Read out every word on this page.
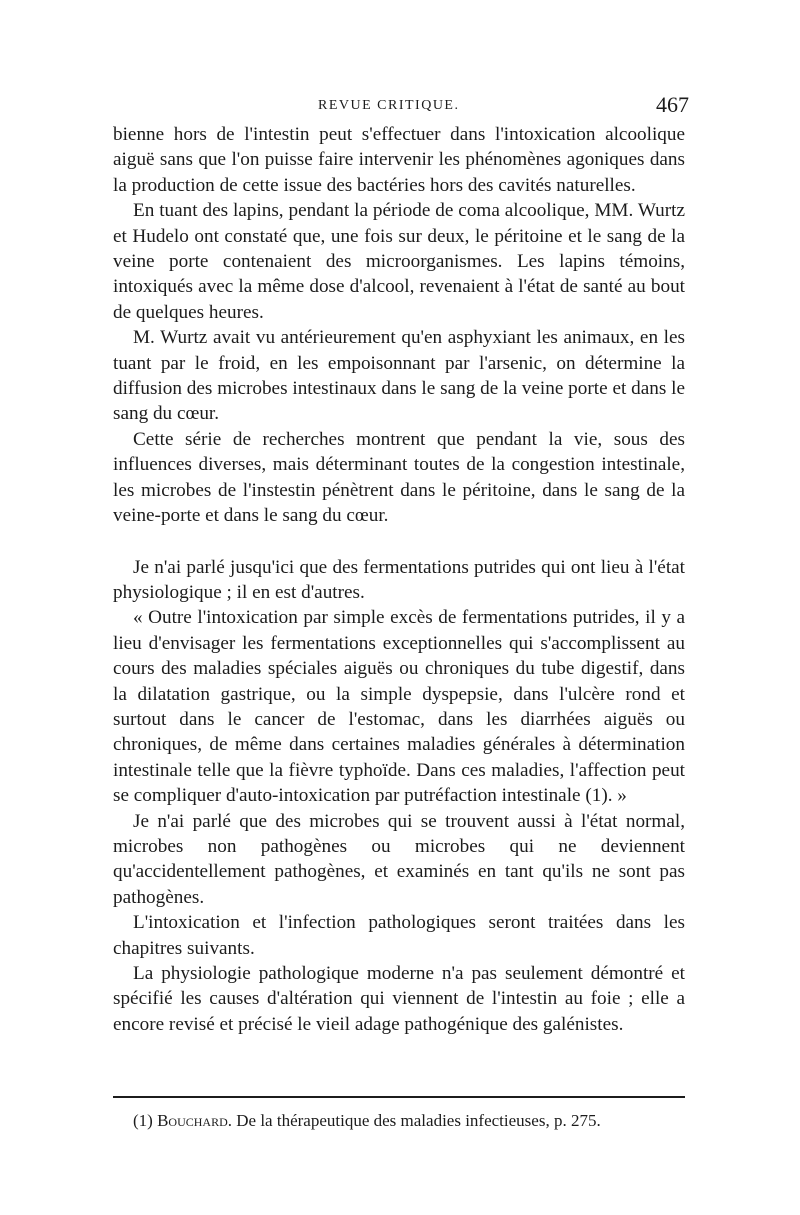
REVUE CRITIQUE.	467

bienne hors de l'intestin peut s'effectuer dans l'intoxication alcoolique aiguë sans que l'on puisse faire intervenir les phénomènes agoniques dans la production de cette issue des bactéries hors des cavités naturelles.

En tuant des lapins, pendant la période de coma alcoolique, MM. Wurtz et Hudelo ont constaté que, une fois sur deux, le péritoine et le sang de la veine porte contenaient des microorganismes. Les lapins témoins, intoxiqués avec la même dose d'alcool, revenaient à l'état de santé au bout de quelques heures.

M. Wurtz avait vu antérieurement qu'en asphyxiant les animaux, en les tuant par le froid, en les empoisonnant par l'arsenic, on détermine la diffusion des microbes intestinaux dans le sang de la veine porte et dans le sang du cœur.

Cette série de recherches montrent que pendant la vie, sous des influences diverses, mais déterminant toutes de la congestion intestinale, les microbes de l'instestin pénètrent dans le péritoine, dans le sang de la veine-porte et dans le sang du cœur.

Je n'ai parlé jusqu'ici que des fermentations putrides qui ont lieu à l'état physiologique ; il en est d'autres.

« Outre l'intoxication par simple excès de fermentations putrides, il y a lieu d'envisager les fermentations exceptionnelles qui s'accomplissent au cours des maladies spéciales aiguës ou chroniques du tube digestif, dans la dilatation gastrique, ou la simple dyspepsie, dans l'ulcère rond et surtout dans le cancer de l'estomac, dans les diarrhées aiguës ou chroniques, de même dans certaines maladies générales à détermination intestinale telle que la fièvre typhoïde. Dans ces maladies, l'affection peut se compliquer d'auto-intoxication par putréfaction intestinale (1). »

Je n'ai parlé que des microbes qui se trouvent aussi à l'état normal, microbes non pathogènes ou microbes qui ne deviennent qu'accidentellement pathogènes, et examinés en tant qu'ils ne sont pas pathogènes.

L'intoxication et l'infection pathologiques seront traitées dans les chapitres suivants.

La physiologie pathologique moderne n'a pas seulement démontré et spécifié les causes d'altération qui viennent de l'intestin au foie ; elle a encore revisé et précisé le vieil adage pathogénique des galénistes.

(1) Bouchard. De la thérapeutique des maladies infectieuses, p. 275.
